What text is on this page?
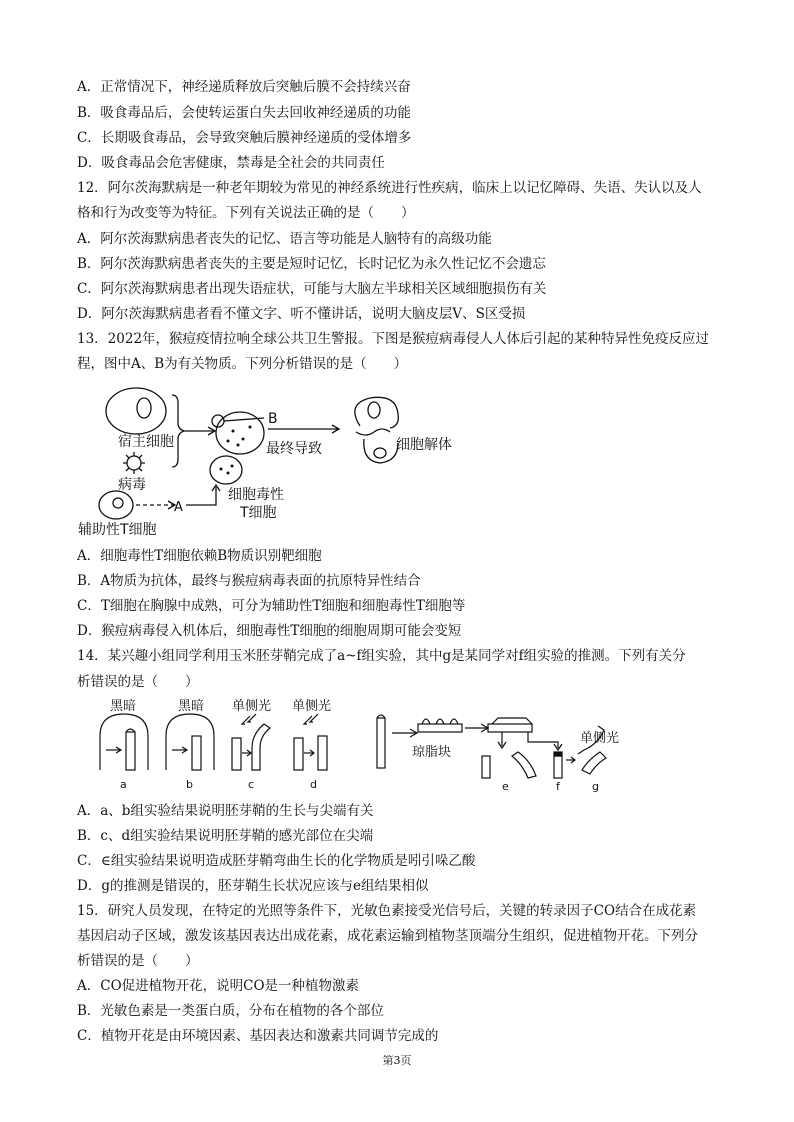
A．正常情况下，神经递质释放后突触后膜不会持续兴奋
B．吸食毒品后，会使转运蛋白失去回收神经递质的功能
C．长期吸食毒品，会导致突触后膜神经递质的受体增多
D．吸食毒品会危害健康，禁毒是全社会的共同责任
12．阿尔茨海默病是一种老年期较为常见的神经系统进行性疾病，临床上以记忆障碍、失语、失认以及人
格和行为改变等为特征。下列有关说法正确的是（　　）
A．阿尔茨海默病患者丧失的记忆、语言等功能是人脑特有的高级功能
B．阿尔茨海默病患者丧失的主要是短时记忆，长时记忆为永久性记忆不会遗忘
C．阿尔茨海默病患者出现失语症状，可能与大脑左半球相关区域细胞损伤有关
D．阿尔茨海默病患者看不懂文字、听不懂讲话，说明大脑皮层V、S区受损
13．2022年，猴痘疫情拉响全球公共卫生警报。下图是猴痘病毒侵人人体后引起的某种特异性免疫反应过
程，图中A、B为有关物质。下列分析错误的是（　　）
宿主细胞
病毒
B
最终导致	细胞解体
A
细胞毒性
T细胞
辅助性T细胞
A．细胞毒性T细胞依赖B物质识别靶细胞
B．A物质为抗体，最终与猴痘病毒表面的抗原特异性结合
C．T细胞在胸腺中成熟，可分为辅助性T细胞和细胞毒性T细胞等
D．猴痘病毒侵入机体后，细胞毒性T细胞的细胞周期可能会变短
14．某兴趣小组同学利用玉米胚芽鞘完成了a~f组实验，其中g是某同学对f组实验的推测。下列有关分
析错误的是（　　）
黑暗	黑暗 单侧光 单侧光
琼脂块
单侧光
a	b	c	d	e	f	g
A．a、b组实验结果说明胚芽鞘的生长与尖端有关
B．c、d组实验结果说明胚芽鞘的感光部位在尖端
C．∈组实验结果说明造成胚芽鞘弯曲生长的化学物质是吲引哚乙酸
D．g的推测是错误的，胚芽鞘生长状况应该与e组结果相似
15．研究人员发现，在特定的光照等条件下，光敏色素接受光信号后，关键的转录因子CO结合在成花素
基因启动子区域，激发该基因表达出成花素，成花素运输到植物茎顶端分生组织，促进植物开花。下列分
析错误的是（　　）
A．CO促进植物开花，说明CO是一种植物激素
B．光敏色素是一类蛋白质，分布在植物的各个部位
C．植物开花是由环境因素、基因表达和激素共同调节完成的
第3页
